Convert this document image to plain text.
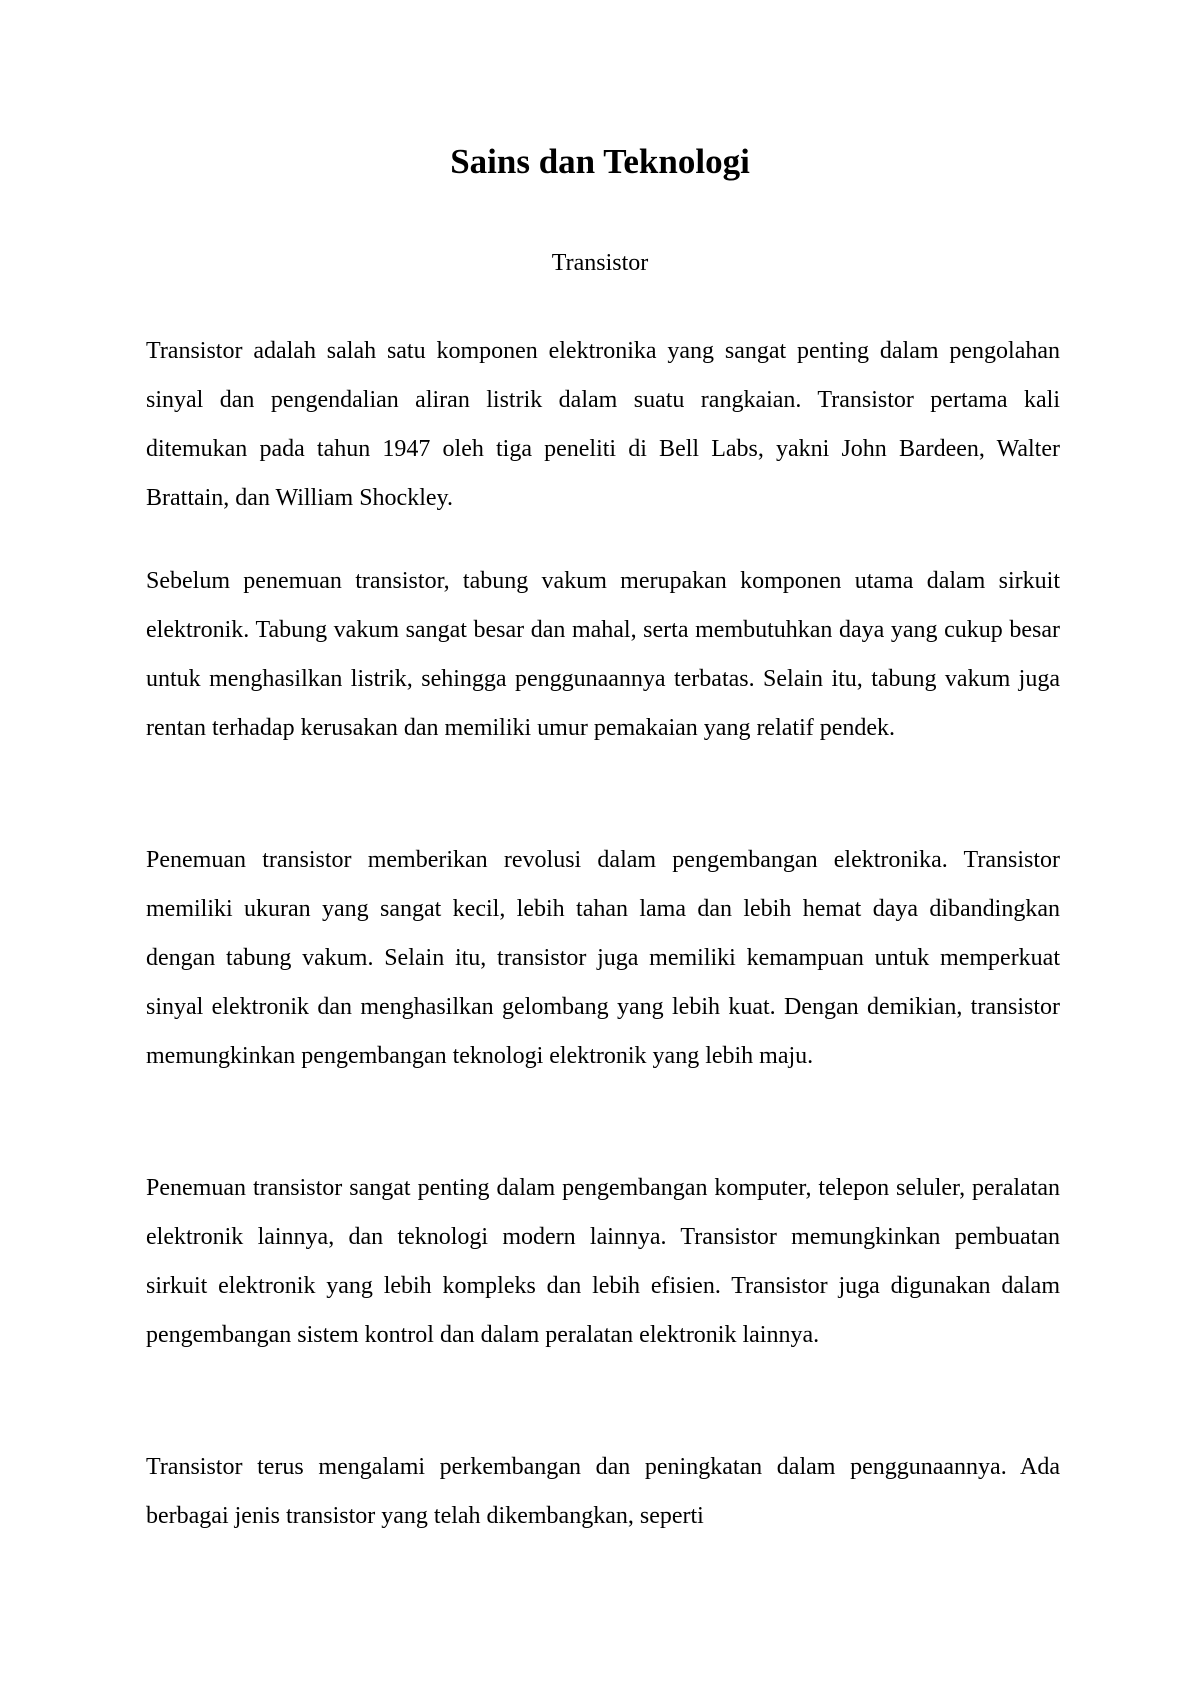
Sains dan Teknologi

Transistor

Transistor adalah salah satu komponen elektronika yang sangat penting dalam pengolahan sinyal dan pengendalian aliran listrik dalam suatu rangkaian. Transistor pertama kali ditemukan pada tahun 1947 oleh tiga peneliti di Bell Labs, yakni John Bardeen, Walter Brattain, dan William Shockley.

Sebelum penemuan transistor, tabung vakum merupakan komponen utama dalam sirkuit elektronik. Tabung vakum sangat besar dan mahal, serta membutuhkan daya yang cukup besar untuk menghasilkan listrik, sehingga penggunaannya terbatas. Selain itu, tabung vakum juga rentan terhadap kerusakan dan memiliki umur pemakaian yang relatif pendek.

Penemuan transistor memberikan revolusi dalam pengembangan elektronika. Transistor memiliki ukuran yang sangat kecil, lebih tahan lama dan lebih hemat daya dibandingkan dengan tabung vakum. Selain itu, transistor juga memiliki kemampuan untuk memperkuat sinyal elektronik dan menghasilkan gelombang yang lebih kuat. Dengan demikian, transistor memungkinkan pengembangan teknologi elektronik yang lebih maju.

Penemuan transistor sangat penting dalam pengembangan komputer, telepon seluler, peralatan elektronik lainnya, dan teknologi modern lainnya. Transistor memungkinkan pembuatan sirkuit elektronik yang lebih kompleks dan lebih efisien. Transistor juga digunakan dalam pengembangan sistem kontrol dan dalam peralatan elektronik lainnya.

Transistor terus mengalami perkembangan dan peningkatan dalam penggunaannya. Ada berbagai jenis transistor yang telah dikembangkan, seperti
